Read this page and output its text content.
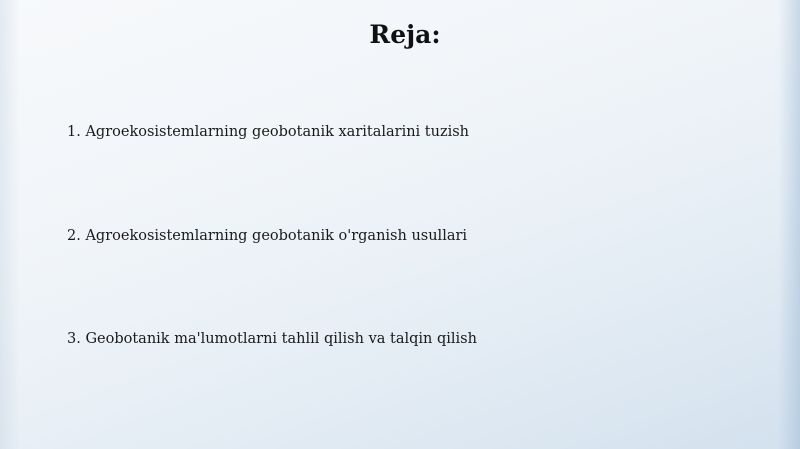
Reja:
1. Agroekosistemlarning geobotanik xaritalarini tuzish
2. Agroekosistemlarning geobotanik o'rganish usullari
3. Geobotanik ma'lumotlarni tahlil qilish va talqin qilish
